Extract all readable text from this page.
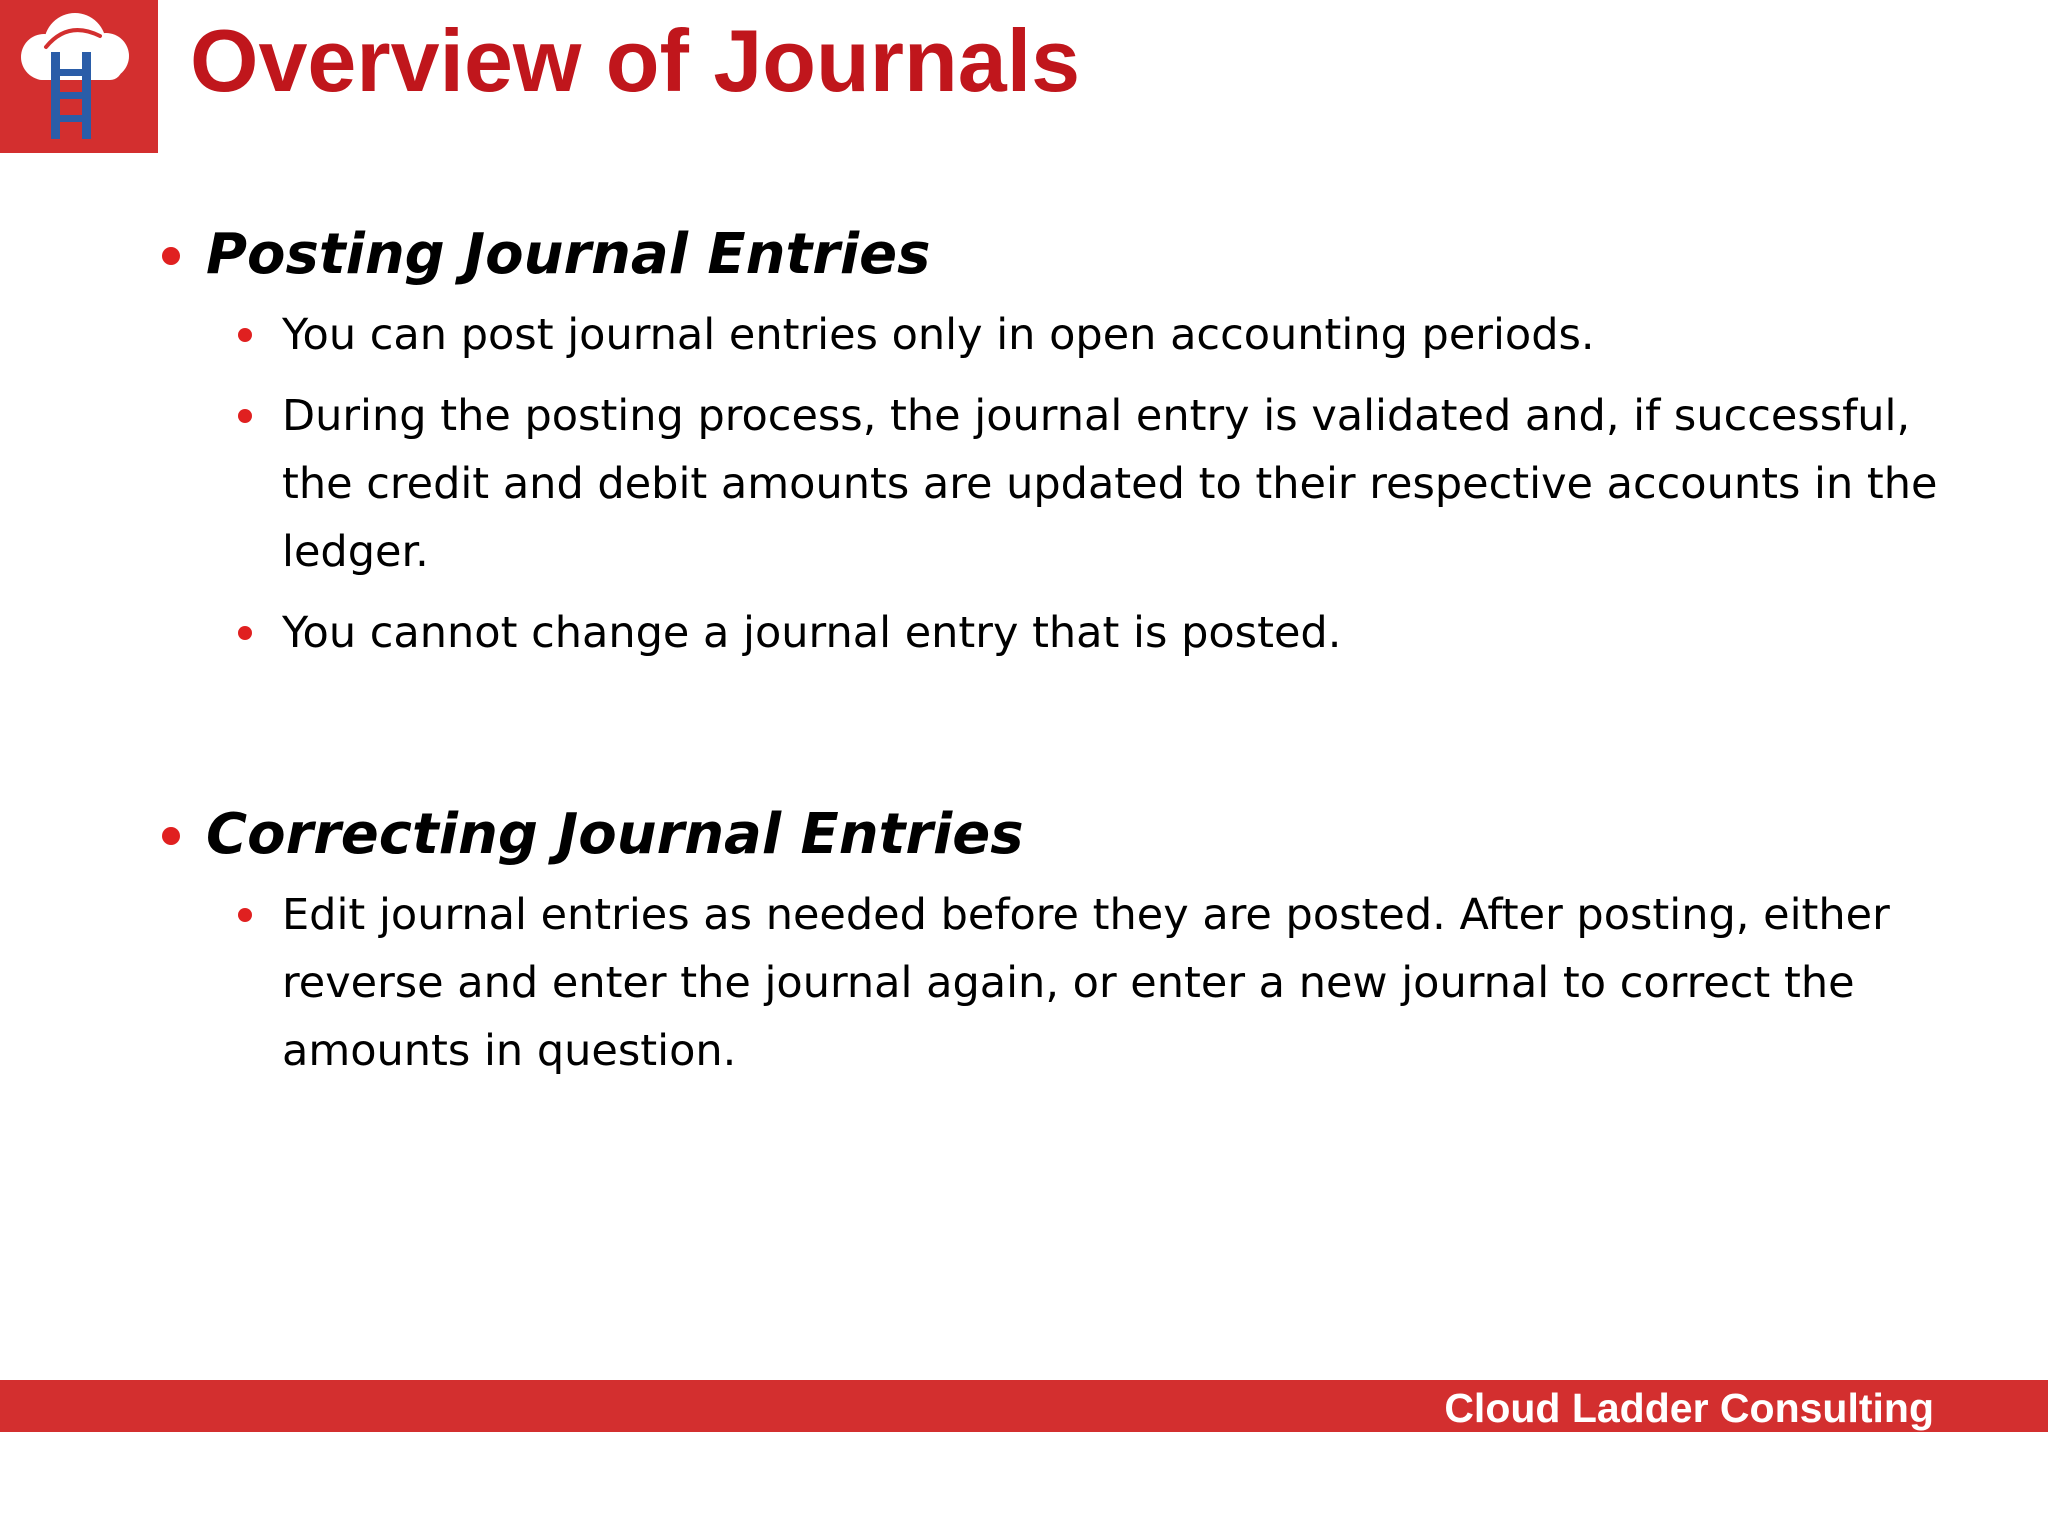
Overview of Journals
Posting Journal Entries
You can post journal entries only in open accounting periods.
During the posting process, the journal entry is validated and, if successful, the credit and debit amounts are updated to their respective accounts in the ledger.
You cannot change a journal entry that is posted.
Correcting Journal Entries
Edit journal entries as needed before they are posted. After posting, either reverse and enter the journal again, or enter a new journal to correct the amounts in question.
Cloud Ladder Consulting
